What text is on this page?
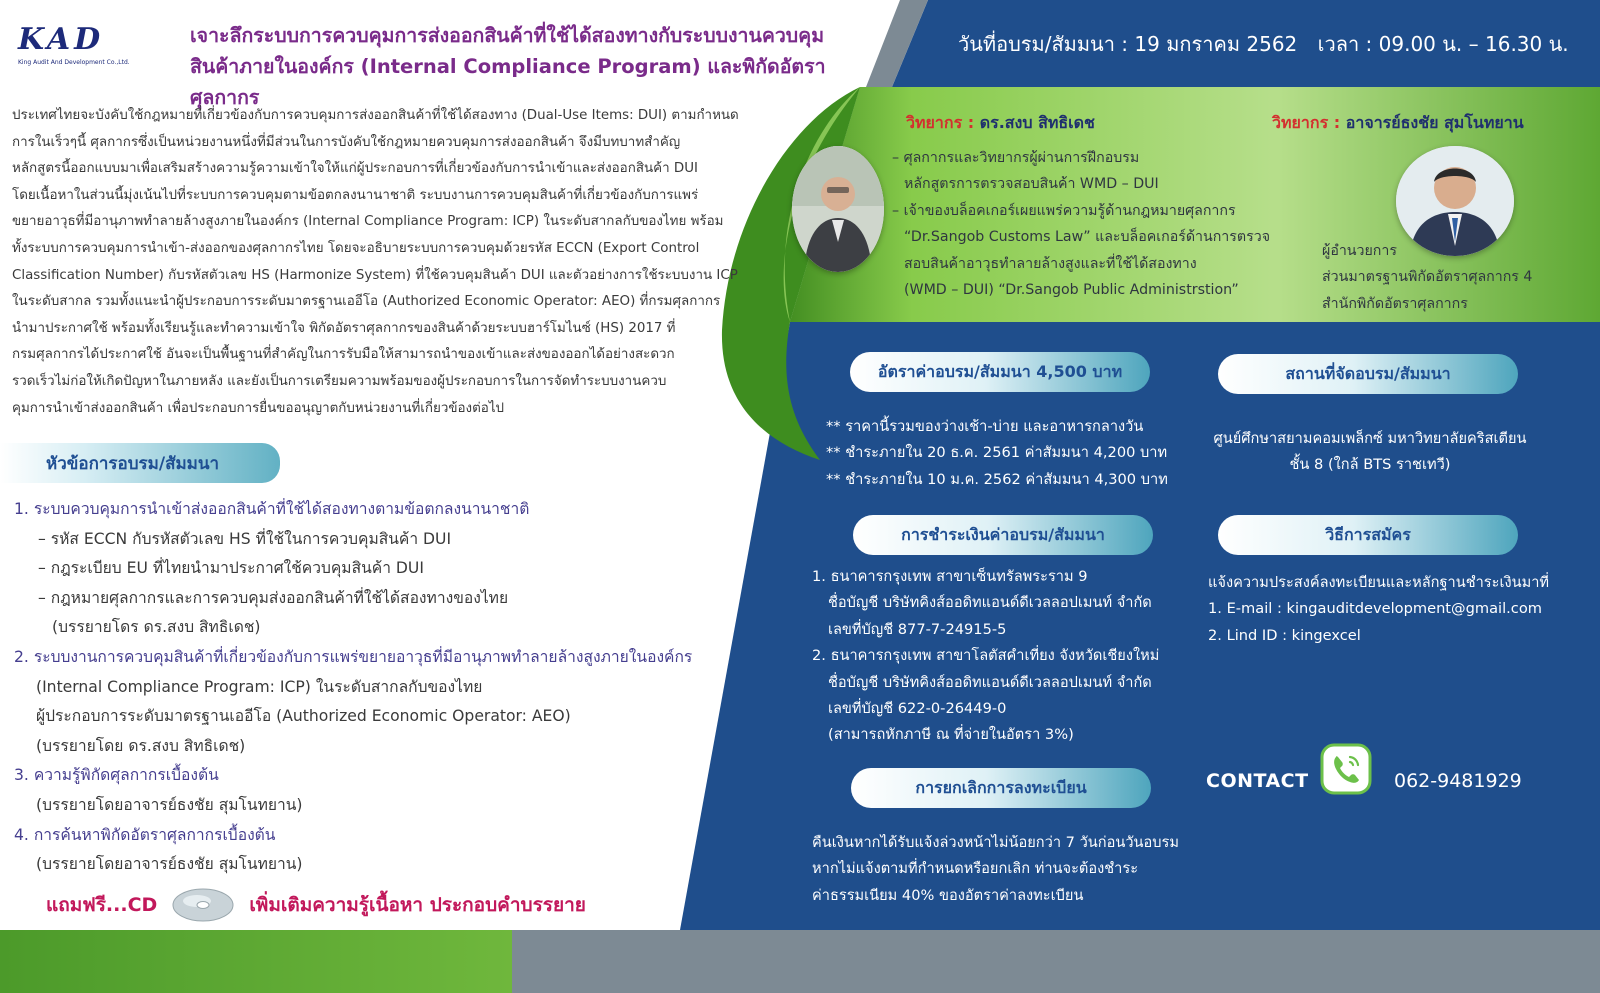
KAD
King Audit And Development Co.,Ltd.
เจาะลึกระบบการควบคุมการส่งออกสินค้าที่ใช้ได้สองทางกับระบบงานควบคุม
สินค้าภายในองค์กร (Internal Compliance Program) และพิกัดอัตราศุลกากร
วันที่อบรม/สัมมนา : 19 มกราคม 2562 เวลา : 09.00 น. – 16.30 น.
ประเทศไทยจะบังคับใช้กฎหมายที่เกี่ยวข้องกับการควบคุมการส่งออกสินค้าที่ใช้ได้สองทาง (Dual-Use Items: DUI) ตามกำหนด
การในเร็วๆนี้ ศุลกากรซึ่งเป็นหน่วยงานหนึ่งที่มีส่วนในการบังคับใช้กฎหมายควบคุมการส่งออกสินค้า จึงมีบทบาทสำคัญ
หลักสูตรนี้ออกแบบมาเพื่อเสริมสร้างความรู้ความเข้าใจให้แก่ผู้ประกอบการที่เกี่ยวข้องกับการนำเข้าและส่งออกสินค้า DUI
โดยเนื้อหาในส่วนนี้มุ่งเน้นไปที่ระบบการควบคุมตามข้อตกลงนานาชาติ ระบบงานการควบคุมสินค้าที่เกี่ยวข้องกับการแพร่
ขยายอาวุธที่มีอานุภาพทำลายล้างสูงภายในองค์กร (Internal Compliance Program: ICP) ในระดับสากลกับของไทย พร้อม
ทั้งระบบการควบคุมการนำเข้า-ส่งออกของศุลกากรไทย โดยจะอธิบายระบบการควบคุมด้วยรหัส ECCN (Export Control
Classification Number) กับรหัสตัวเลข HS (Harmonize System) ที่ใช้ควบคุมสินค้า DUI และตัวอย่างการใช้ระบบงาน ICP
ในระดับสากล รวมทั้งแนะนำผู้ประกอบการระดับมาตรฐานเออีโอ (Authorized Economic Operator: AEO) ที่กรมศุลกากร
นำมาประกาศใช้ พร้อมทั้งเรียนรู้และทำความเข้าใจ พิกัดอัตราศุลกากรของสินค้าด้วยระบบฮาร์โมไนซ์ (HS) 2017 ที่
กรมศุลกากรได้ประกาศใช้ อันจะเป็นพื้นฐานที่สำคัญในการรับมือให้สามารถนำของเข้าและส่งของออกได้อย่างสะดวก
รวดเร็วไม่ก่อให้เกิดปัญหาในภายหลัง และยังเป็นการเตรียมความพร้อมของผู้ประกอบการในการจัดทำระบบงานควบ
คุมการนำเข้าส่งออกสินค้า เพื่อประกอบการยื่นขออนุญาตกับหน่วยงานที่เกี่ยวข้องต่อไป
หัวข้อการอบรม/สัมมนา
1. ระบบควบคุมการนำเข้าส่งออกสินค้าที่ใช้ได้สองทางตามข้อตกลงนานาชาติ
– รหัส ECCN กับรหัสตัวเลข HS ที่ใช้ในการควบคุมสินค้า DUI
– กฎระเบียบ EU ที่ไทยนำมาประกาศใช้ควบคุมสินค้า DUI
– กฎหมายศุลกากรและการควบคุมส่งออกสินค้าที่ใช้ได้สองทางของไทย
(บรรยายโดร ดร.สงบ สิทธิเดช)
2. ระบบงานการควบคุมสินค้าที่เกี่ยวข้องกับการแพร่ขยายอาวุธที่มีอานุภาพทำลายล้างสูงภายในองค์กร
(Internal Compliance Program: ICP) ในระดับสากลกับของไทย
ผู้ประกอบการระดับมาตรฐานเออีโอ (Authorized Economic Operator: AEO)
(บรรยายโดย ดร.สงบ สิทธิเดช)
3. ความรู้พิกัดศุลกากรเบื้องต้น
(บรรยายโดยอาจารย์ธงชัย สุมโนทยาน)
4. การค้นหาพิกัดอัตราศุลกากรเบื้องต้น
(บรรยายโดยอาจารย์ธงชัย สุมโนทยาน)
แถมฟรี...CD	เพิ่มเติมความรู้เนื้อหา ประกอบคำบรรยาย
วิทยากร : ดร.สงบ สิทธิเดช
– ศุลกากรและวิทยากรผู้ผ่านการฝึกอบรม
หลักสูตรการตรวจสอบสินค้า WMD – DUI
– เจ้าของบล็อคเกอร์เผยแพร่ความรู้ด้านกฎหมายศุลกากร
“Dr.Sangob Customs Law” และบล็อคเกอร์ด้านการตรวจ
สอบสินค้าอาวุธทำลายล้างสูงและที่ใช้ได้สองทาง
(WMD – DUI) “Dr.Sangob Public Administrstion”
วิทยากร : อาจารย์ธงชัย สุมโนทยาน
ผู้อำนวยการ
ส่วนมาตรฐานพิกัดอัตราศุลกากร 4
สำนักพิกัดอัตราศุลกากร
อัตราค่าอบรม/สัมมนา 4,500 บาท
** ราคานี้รวมของว่างเช้า-บ่าย และอาหารกลางวัน
** ชำระภายใน 20 ธ.ค. 2561 ค่าสัมมนา 4,200 บาท
** ชำระภายใน 10 ม.ค. 2562 ค่าสัมมนา 4,300 บาท
สถานที่จัดอบรม/สัมมนา
ศูนย์ศึกษาสยามคอมเพล็กซ์ มหาวิทยาลัยคริสเตียน
ชั้น 8 (ใกล้ BTS ราชเทวี)
การชำระเงินค่าอบรม/สัมมนา
1. ธนาคารกรุงเทพ สาขาเซ็นทรัลพระราม 9
ชื่อบัญชี บริษัทคิงส์ออดิทแอนด์ดีเวลลอปเมนท์ จำกัด
เลขที่บัญชี 877-7-24915-5
2. ธนาคารกรุงเทพ สาขาโลตัสคำเที่ยง จังหวัดเชียงใหม่
ชื่อบัญชี บริษัทคิงส์ออดิทแอนด์ดีเวลลอปเมนท์ จำกัด
เลขที่บัญชี 622-0-26449-0
(สามารถหักภาษี ณ ที่จ่ายในอัตรา 3%)
วิธีการสมัคร
แจ้งความประสงค์ลงทะเบียนและหลักฐานชำระเงินมาที่
1. E-mail : kingauditdevelopment@gmail.com
2. Lind ID : kingexcel
การยกเลิกการลงทะเบียน
คืนเงินหากได้รับแจ้งล่วงหน้าไม่น้อยกว่า 7 วันก่อนวันอบรม
หากไม่แจ้งตามที่กำหนดหรือยกเลิก ท่านจะต้องชำระ
ค่าธรรมเนียม 40% ของอัตราค่าลงทะเบียน
CONTACT	062-9481929
